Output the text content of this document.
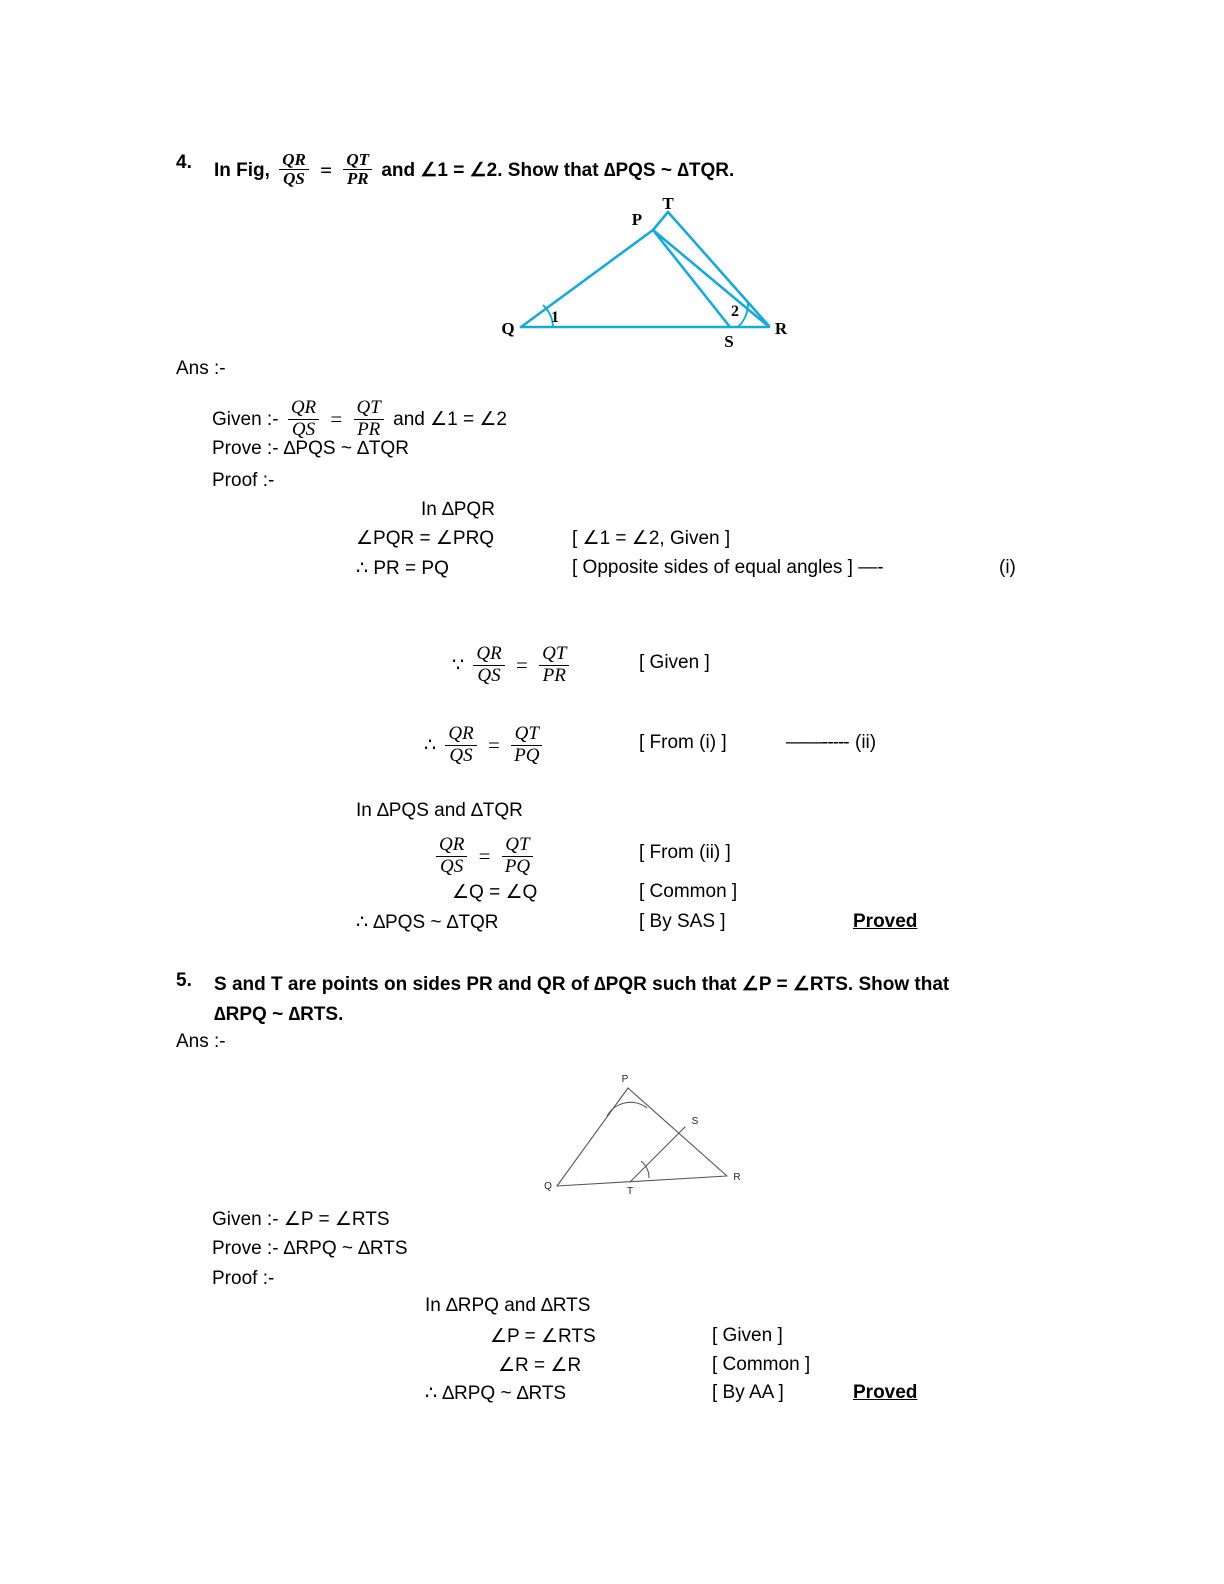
4. In Fig, $\frac{QR}{QS} = \frac{QT}{PR}$ and ∠1 = ∠2. Show that ∆PQS ~ ∆TQR.
P
T
Q
S
R
1	2
Ans :-
Given :- $\frac{QR}{QS} = \frac{QT}{PR}$ and ∠1 = ∠2
Prove :- ∆PQS ~ ∆TQR
Proof :-
In ∆PQR
∠PQR = ∠PRQ	[ ∠1 = ∠2, Given ]
∴ PR = PQ	[ Opposite sides of equal angles ] —-	(i)
∵ $\frac{QR}{QS} = \frac{QT}{PR}$	[ Given ]
∴ $\frac{QR}{QS} = \frac{QT}{PQ}$	[ From (i) ]	——----- (ii)
In ∆PQS and ∆TQR
$\frac{QR}{QS} = \frac{QT}{PQ}$	[ From (ii) ]
∠Q = ∠Q	[ Common ]
∴ ∆PQS ~ ∆TQR	[ By SAS ]	Proved
5. S and T are points on sides PR and QR of ∆PQR such that ∠P = ∠RTS. Show that
∆RPQ ~ ∆RTS.
Ans :-
P
S
Q	T
R
Given :- ∠P = ∠RTS
Prove :- ∆RPQ ~ ∆RTS
Proof :-
In ∆RPQ and ∆RTS
∠P = ∠RTS	[ Given ]
∠R = ∠R	[ Common ]
∴ ∆RPQ ~ ∆RTS	[ By AA ]	Proved
